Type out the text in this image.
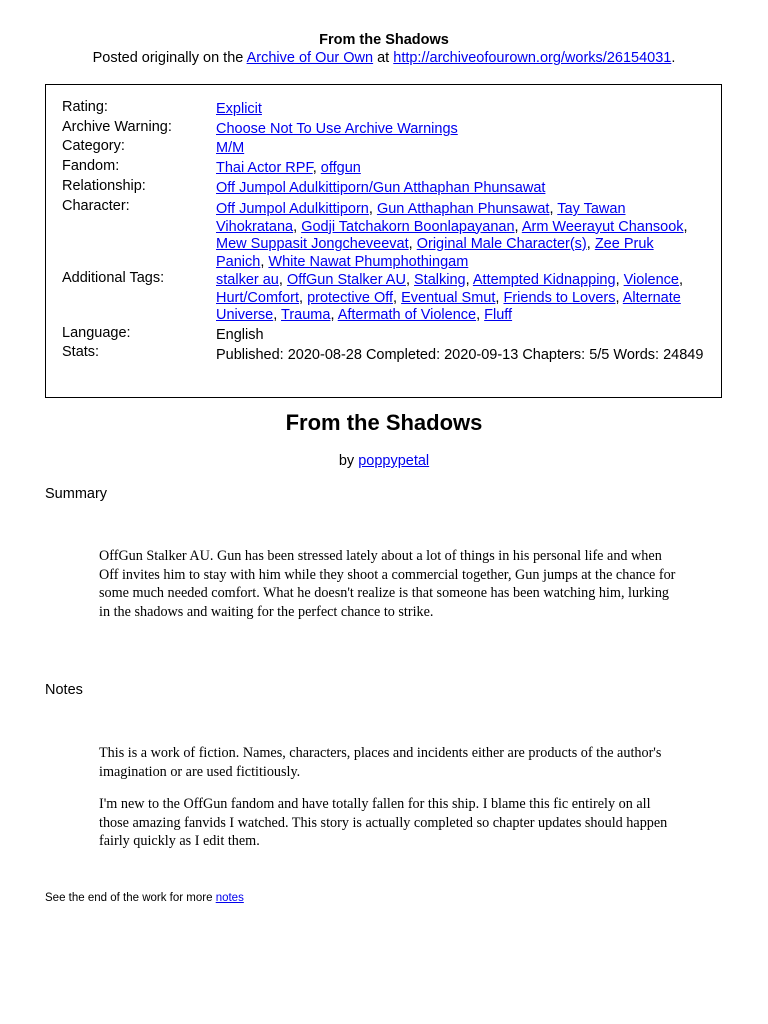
From the Shadows
Posted originally on the Archive of Our Own at http://archiveofourown.org/works/26154031.
Rating:	Explicit
Archive Warning:	Choose Not To Use Archive Warnings
Category:	M/M
Fandom:	Thai Actor RPF, offgun
Relationship:	Off Jumpol Adulkittiporn/Gun Atthaphan Phunsawat
Character:	Off Jumpol Adulkittiporn, Gun Atthaphan Phunsawat, Tay Tawan Vihokratana, Godji Tatchakorn Boonlapayanan, Arm Weerayut Chansook, Mew Suppasit Jongcheveevat, Original Male Character(s), Zee Pruk Panich, White Nawat Phumphothingam
Additional Tags:	stalker au, OffGun Stalker AU, Stalking, Attempted Kidnapping, Violence, Hurt/Comfort, protective Off, Eventual Smut, Friends to Lovers, Alternate Universe, Trauma, Aftermath of Violence, Fluff
Language:	English
Stats:	Published: 2020-08-28 Completed: 2020-09-13 Chapters: 5/5 Words: 24849
From the Shadows
by poppypetal
Summary

OffGun Stalker AU. Gun has been stressed lately about a lot of things in his personal life and when Off invites him to stay with him while they shoot a commercial together, Gun jumps at the chance for some much needed comfort. What he doesn't realize is that someone has been watching him, lurking in the shadows and waiting for the perfect chance to strike.

Notes

This is a work of fiction. Names, characters, places and incidents either are products of the author's imagination or are used fictitiously.

I'm new to the OffGun fandom and have totally fallen for this ship. I blame this fic entirely on all those amazing fanvids I watched. This story is actually completed so chapter updates should happen fairly quickly as I edit them.

See the end of the work for more notes
